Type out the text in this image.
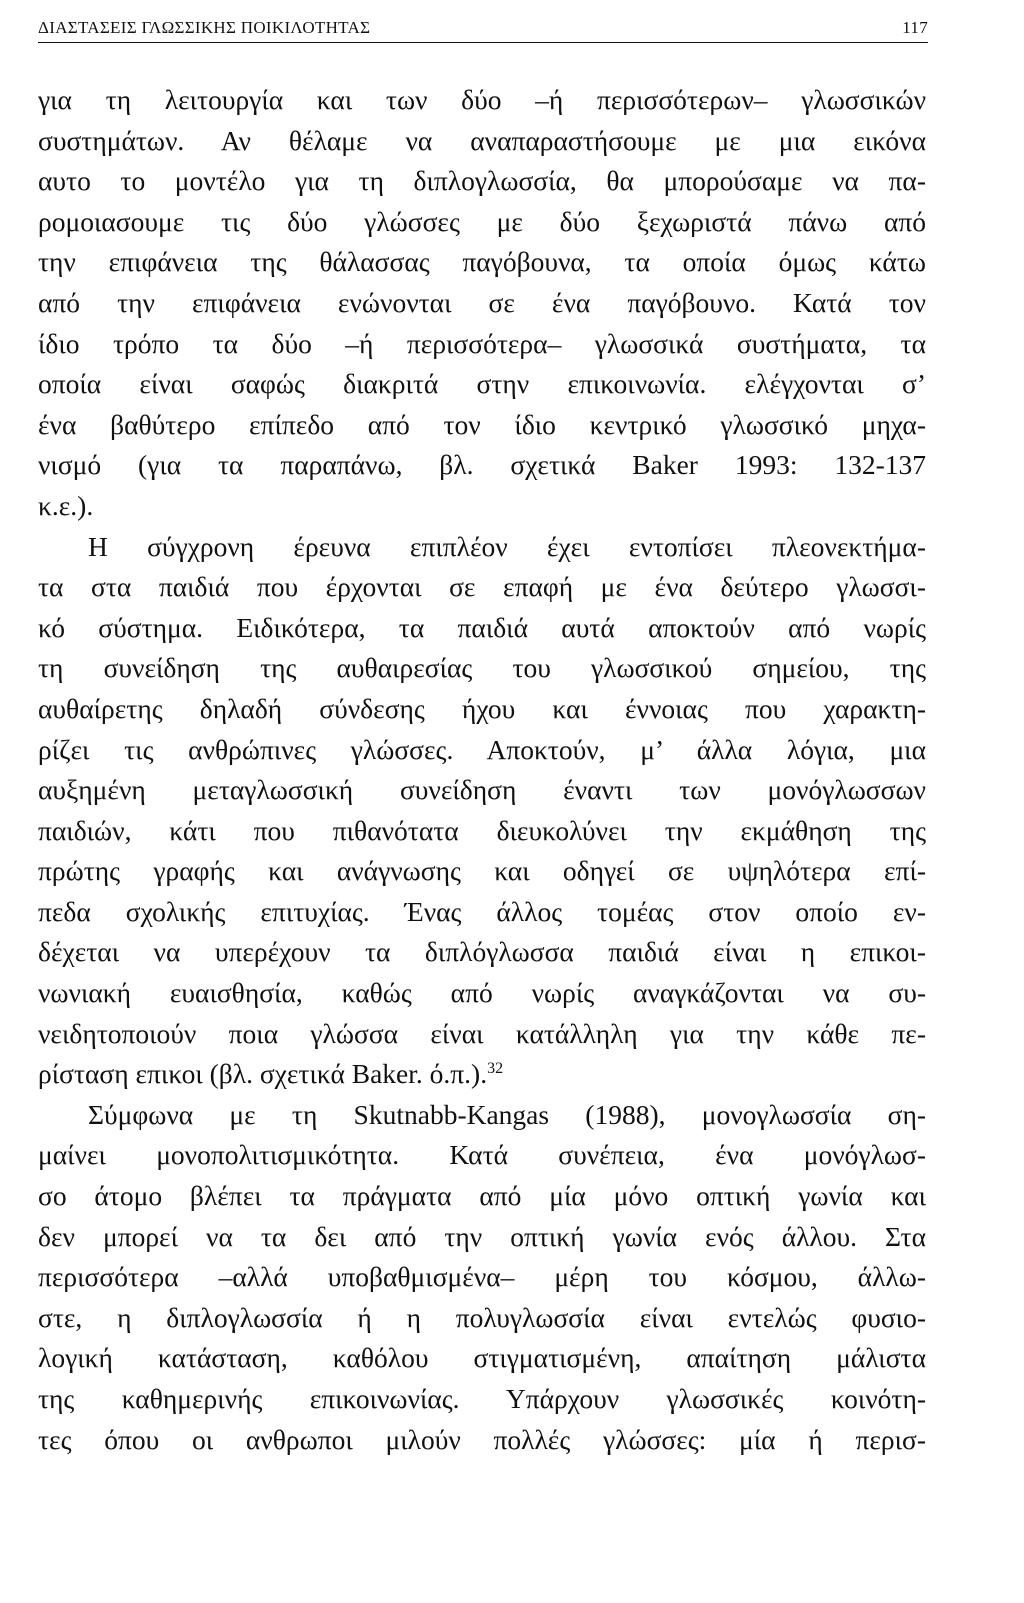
ΔΙΑΣΤΑΣΕΙΣ ΓΛΩΣΣΙΚΗΣ ΠΟΙΚΙΛΟΤΗΤΑΣ	117
για τη λειτουργία και των δύο –ή περισσότερων– γλωσσικών
συστημάτων. Αν θέλαμε να αναπαραστήσουμε με μια εικόνα
αυτο το μοντέλο για τη διπλογλωσσία, θα μπορούσαμε να πα-
ρομοιασουμε τις δύο γλώσσες με δύο ξεχωριστά πάνω από
την επιφάνεια της θάλασσας παγόβουνα, τα οποία όμως κάτω
από την επιφάνεια ενώνονται σε ένα παγόβουνο. Κατά τον
ίδιο τρόπο τα δύο –ή περισσότερα– γλωσσικά συστήματα, τα
οποία είναι σαφώς διακριτά στην επικοινωνία. ελέγχονται σ’
ένα βαθύτερο επίπεδο από τον ίδιο κεντρικό γλωσσικό μηχα-
νισμό (για τα παραπάνω, βλ. σχετικά Baker 1993: 132-137
κ.ε.).
Η σύγχρονη έρευνα επιπλέον έχει εντοπίσει πλεονεκτήμα-
τα στα παιδιά που έρχονται σε επαφή με ένα δεύτερο γλωσσι-
κό σύστημα. Ειδικότερα, τα παιδιά αυτά αποκτούν από νωρίς
τη συνείδηση της αυθαιρεσίας του γλωσσικού σημείου, της
αυθαίρετης δηλαδή σύνδεσης ήχου και έννοιας που χαρακτη-
ρίζει τις ανθρώπινες γλώσσες. Αποκτούν, μ’ άλλα λόγια, μια
αυξημένη μεταγλωσσική συνείδηση έναντι των μονόγλωσσων
παιδιών, κάτι που πιθανότατα διευκολύνει την εκμάθηση της
πρώτης γραφής και ανάγνωσης και οδηγεί σε υψηλότερα επί-
πεδα σχολικής επιτυχίας. Ένας άλλος τομέας στον οποίο εν-
δέχεται να υπερέχουν τα διπλόγλωσσα παιδιά είναι η επικοι-
νωνιακή ευαισθησία, καθώς από νωρίς αναγκάζονται να συ-
νειδητοποιούν ποια γλώσσα είναι κατάλληλη για την κάθε πε-
ρίσταση επικοι (βλ. σχετικά Baker. ό.π.).$^{32}$
Σύμφωνα με τη Skutnabb-Kangas (1988), μονογλωσσία ση-
μαίνει μονοπολιτισμικότητα. Κατά συνέπεια, ένα μονόγλωσ-
σο άτομο βλέπει τα πράγματα από μία μόνο οπτική γωνία και
δεν μπορεί να τα δει από την οπτική γωνία ενός άλλου. Στα
περισσότερα –αλλά υποβαθμισμένα– μέρη του κόσμου, άλλω-
στε, η διπλογλωσσία ή η πολυγλωσσία είναι εντελώς φυσιο-
λογική κατάσταση, καθόλου στιγματισμένη, απαίτηση μάλιστα
της καθημερινής επικοινωνίας. Υπάρχουν γλωσσικές κοινότη-
τες όπου οι ανθρωποι μιλούν πολλές γλώσσες: μία ή περισ-
